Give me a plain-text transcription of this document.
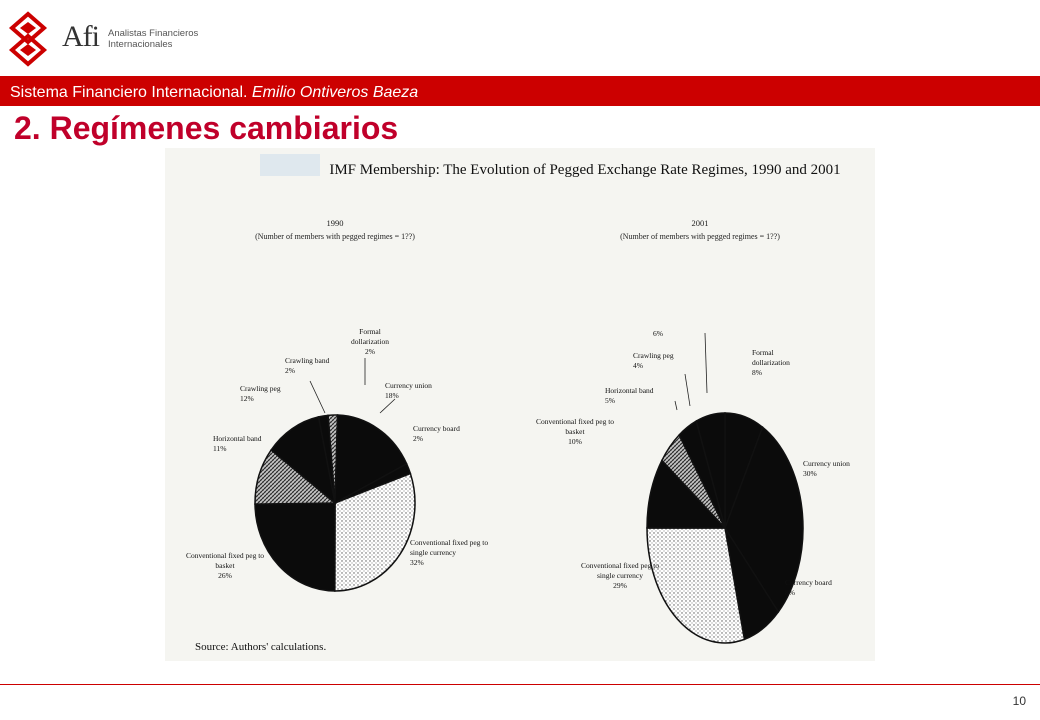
Afi Analistas Financieros
Internacionales
Sistema Financiero Internacional. Emilio Ontiveros Baeza
2. Regímenes cambiarios
IMF Membership: The Evolution of Pegged Exchange Rate Regimes, 1990 and 2001
Source: Authors' calculations.
1990
(Number of members with pegged regimes = 1??)
Formal dollarization 2%
Currency union 18%
Currency board 2%
Conventional fixed peg to single currency 32%
Conventional fixed peg to basket 26%
Horizontal band 11%
Crawling peg 12%
Crawling band 2%
2001
(Number of members with pegged regimes = 1??)
Formal dollarization 8%
Currency union 30%
Currency board 8%
Conventional fixed peg to single currency 29%
Conventional fixed peg to basket 10%
Horizontal band 5%
Crawling peg 4%
6%
10
